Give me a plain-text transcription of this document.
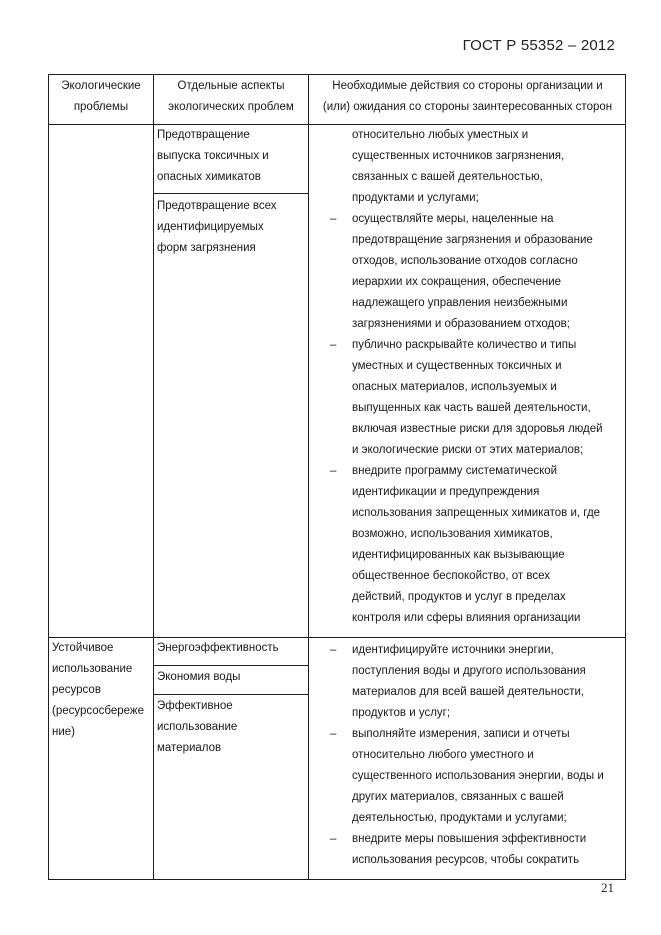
ГОСТ Р 55352 – 2012
Экологические
проблемы
Отдельные аспекты
экологических проблем
Необходимые действия со стороны организации и
(или) ожидания со стороны заинтересованных сторон
Предотвращение
выпуска токсичных и
опасных химикатов
Предотвращение всех
идентифицируемых
форм загрязнения
относительно любых уместных и
существенных источников загрязнения,
связанных с вашей деятельностью,
продуктами и услугами;
– осуществляйте меры, нацеленные на
предотвращение загрязнения и образование
отходов, использование отходов согласно
иерархии их сокращения, обеспечение
надлежащего управления неизбежными
загрязнениями и образованием отходов;
– публично раскрывайте количество и типы
уместных и существенных токсичных и
опасных материалов, используемых и
выпущенных как часть вашей деятельности,
включая известные риски для здоровья людей
и экологические риски от этих материалов;
– внедрите программу систематической
идентификации и предупреждения
использования запрещенных химикатов и, где
возможно, использования химикатов,
идентифицированных как вызывающие
общественное беспокойство, от всех
действий, продуктов и услуг в пределах
контроля или сферы влияния организации
Устойчивое
использование
ресурсов
(ресурсосбереже
ние)
Энергоэффективность
Экономия воды
Эффективное
использование
материалов
– идентифицируйте источники энергии,
поступления воды и другого использования
материалов для всей вашей деятельности,
продуктов и услуг;
– выполняйте измерения, записи и отчеты
относительно любого уместного и
существенного использования энергии, воды и
других материалов, связанных с вашей
деятельностью, продуктами и услугами;
– внедрите меры повышения эффективности
использования ресурсов, чтобы сократить
21
